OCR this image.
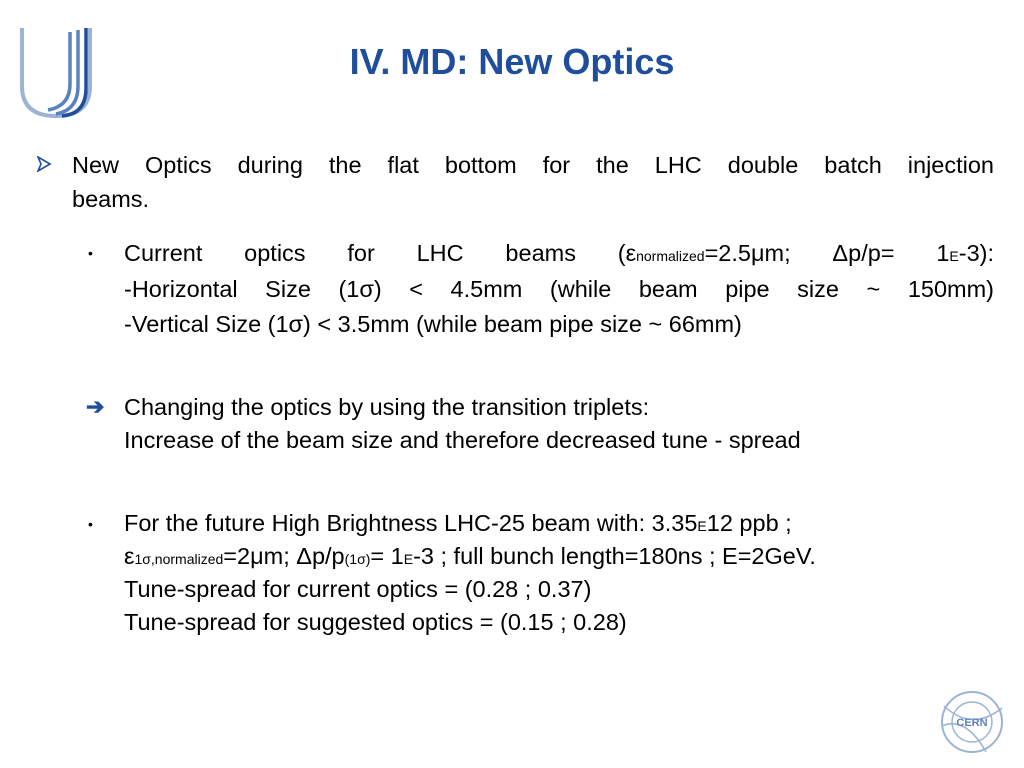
IV. MD: New Optics
New Optics during the flat bottom for the LHC double batch injection
beams.
• Current optics for LHC beams (εnormalized=2.5μm; Δp/p= 1E-3):
-Horizontal Size (1σ) < 4.5mm (while beam pipe size ~ 150mm)
-Vertical Size (1σ) < 3.5mm (while beam pipe size ~ 66mm)
➔ Changing the optics by using the transition triplets:
Increase of the beam size and therefore decreased tune - spread
• For the future High Brightness LHC-25 beam with: 3.35E12 ppb ;
ε1σ,normalized=2μm; Δp/p(1σ)= 1E-3 ; full bunch length=180ns ; E=2GeV.
Tune-spread for current optics = (0.28 ; 0.37)
Tune-spread for suggested optics = (0.15 ; 0.28)
CERN
